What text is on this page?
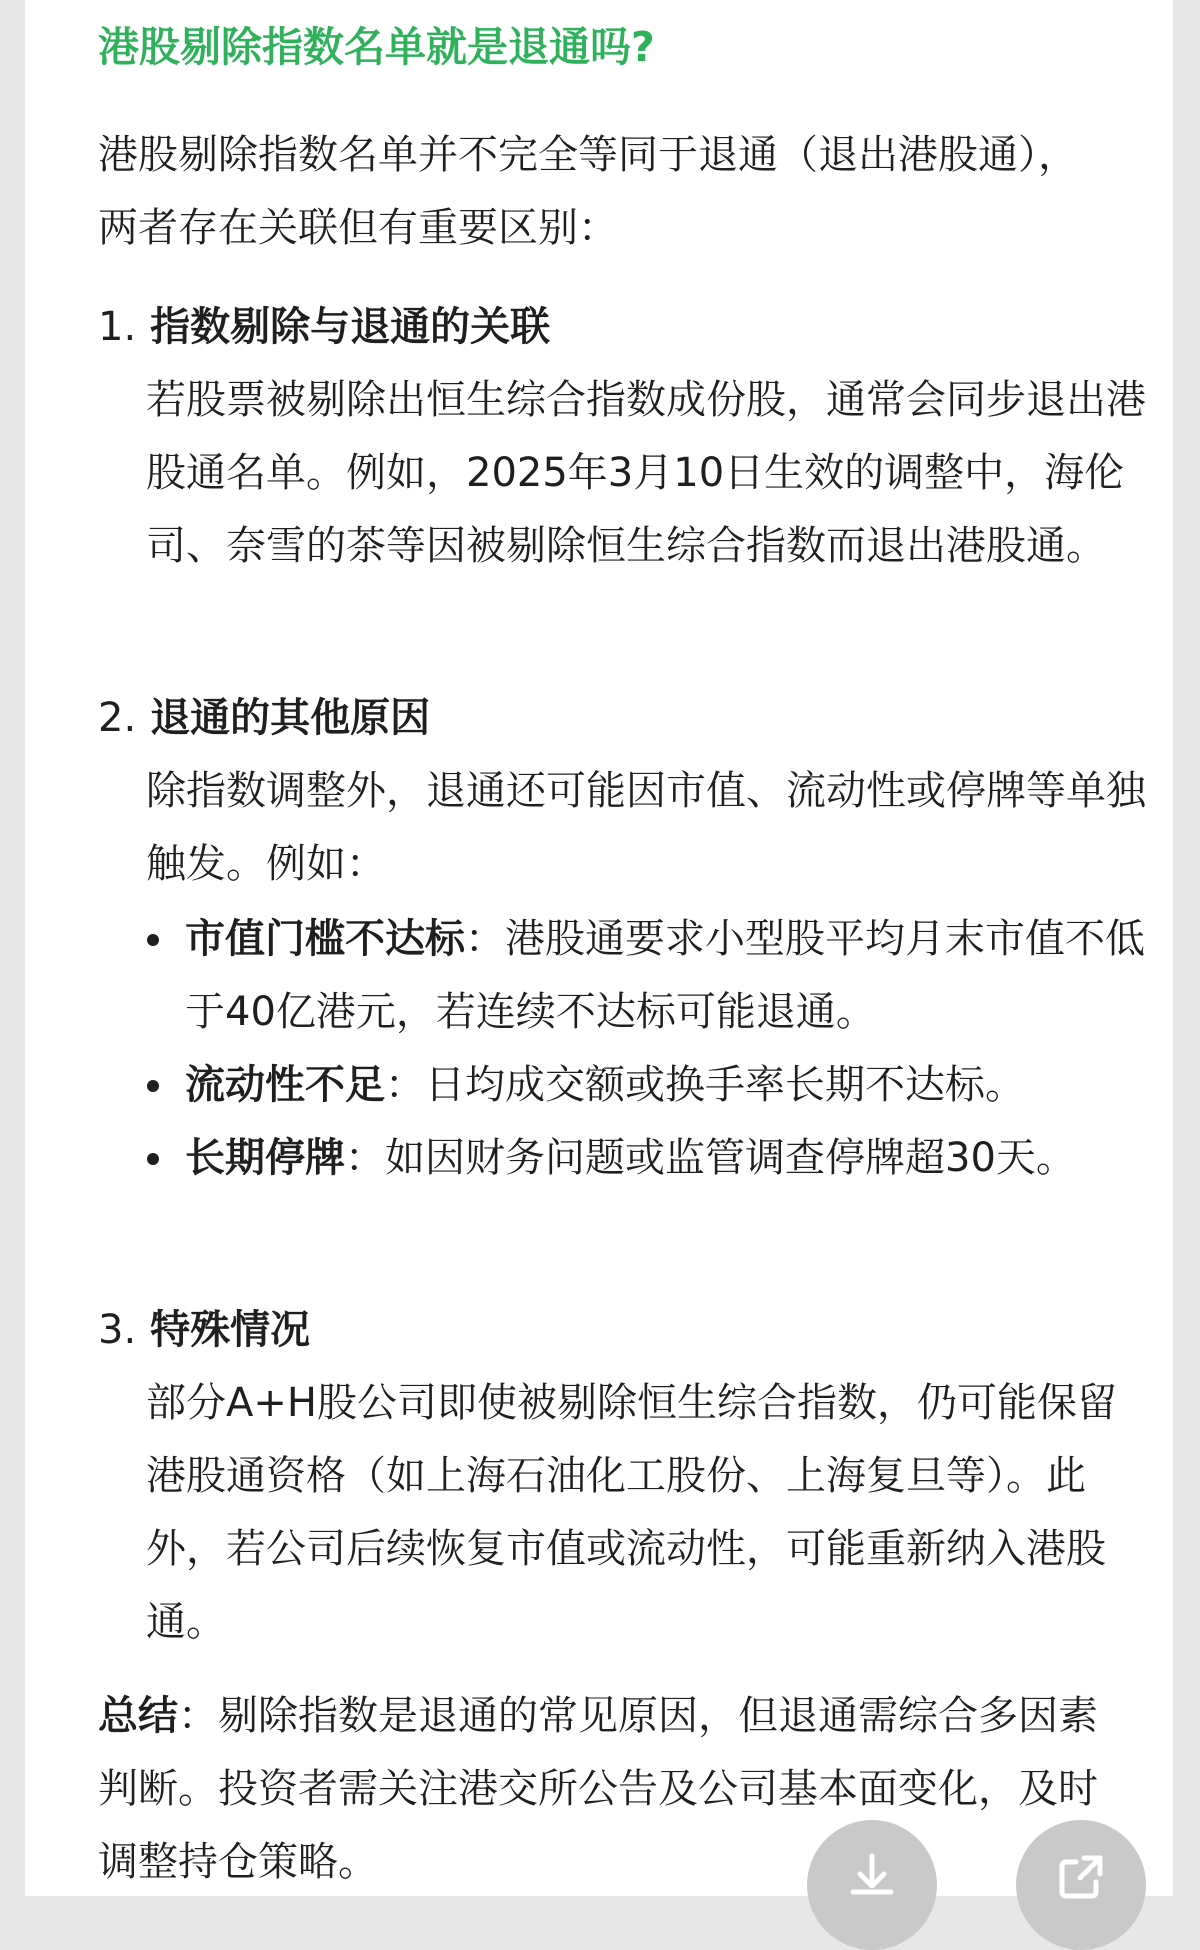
港股剔除指数名单就是退通吗?

港股剔除指数名单并不完全等同于退通（退出港股通），两者存在关联但有重要区别：

1. 指数剔除与退通的关联

若股票被剔除出恒生综合指数成份股，通常会同步退出港股通名单。例如，2025年3月10日生效的调整中，海伦司、奈雪的茶等因被剔除恒生综合指数而退出港股通。

2. 退通的其他原因

除指数调整外，退通还可能因市值、流动性或停牌等单独触发。例如：

市值门槛不达标：港股通要求小型股平均月末市值不低于40亿港元，若连续不达标可能退通。
流动性不足：日均成交额或换手率长期不达标。
长期停牌：如因财务问题或监管调查停牌超30天。
3. 特殊情况

部分A+H股公司即使被剔除恒生综合指数，仍可能保留港股通资格（如上海石油化工股份、上海复旦等）。此外，若公司后续恢复市值或流动性，可能重新纳入港股通。

总结：剔除指数是退通的常见原因，但退通需综合多因素判断。投资者需关注港交所公告及公司基本面变化，及时调整持仓策略。
